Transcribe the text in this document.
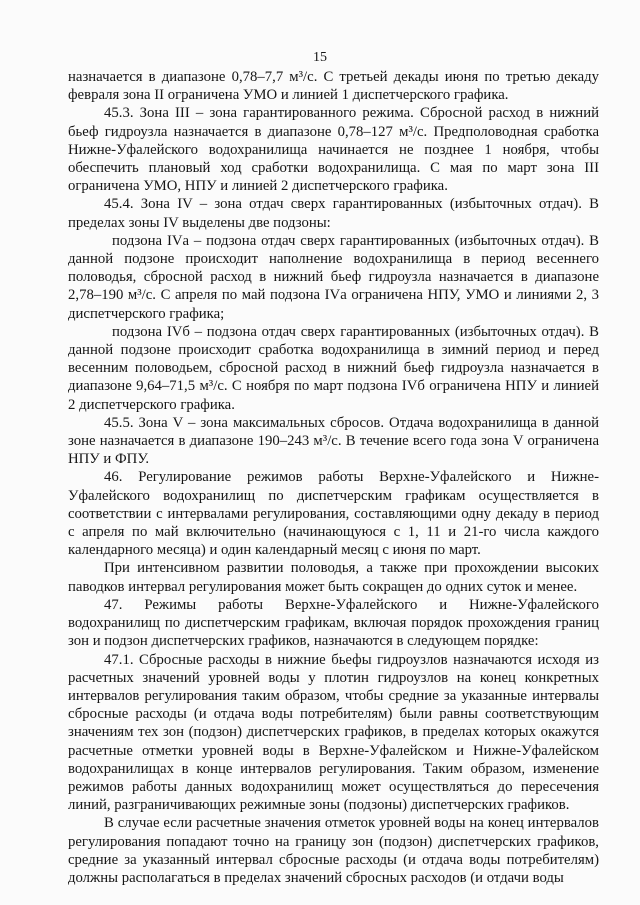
15

назначается в диапазоне 0,78–7,7 м³/с. С третьей декады июня по третью декаду февраля зона II ограничена УМО и линией 1 диспетчерского графика.

45.3. Зона III – зона гарантированного режима. Сбросной расход в нижний бьеф гидроузла назначается в диапазоне 0,78–127 м³/с. Предполоводная сработка Нижне-Уфалейского водохранилища начинается не позднее 1 ноября, чтобы обеспечить плановый ход сработки водохранилища. С мая по март зона III ограничена УМО, НПУ и линией 2 диспетчерского графика.

45.4. Зона IV – зона отдач сверх гарантированных (избыточных отдач). В пределах зоны IV выделены две подзоны:

подзона IVа – подзона отдач сверх гарантированных (избыточных отдач). В данной подзоне происходит наполнение водохранилища в период весеннего половодья, сбросной расход в нижний бьеф гидроузла назначается в диапазоне 2,78–190 м³/с. С апреля по май подзона IVа ограничена НПУ, УМО и линиями 2, 3 диспетчерского графика;

подзона IVб – подзона отдач сверх гарантированных (избыточных отдач). В данной подзоне происходит сработка водохранилища в зимний период и перед весенним половодьем, сбросной расход в нижний бьеф гидроузла назначается в диапазоне 9,64–71,5 м³/с. С ноября по март подзона IVб ограничена НПУ и линией 2 диспетчерского графика.

45.5. Зона V – зона максимальных сбросов. Отдача водохранилища в данной зоне назначается в диапазоне 190–243 м³/с. В течение всего года зона V ограничена НПУ и ФПУ.

46. Регулирование режимов работы Верхне-Уфалейского и Нижне-Уфалейского водохранилищ по диспетчерским графикам осуществляется в соответствии с интервалами регулирования, составляющими одну декаду в период с апреля по май включительно (начинающуюся с 1, 11 и 21-го числа каждого календарного месяца) и один календарный месяц с июня по март.

При интенсивном развитии половодья, а также при прохождении высоких паводков интервал регулирования может быть сокращен до одних суток и менее.

47. Режимы работы Верхне-Уфалейского и Нижне-Уфалейского водохранилищ по диспетчерским графикам, включая порядок прохождения границ зон и подзон диспетчерских графиков, назначаются в следующем порядке:

47.1. Сбросные расходы в нижние бьефы гидроузлов назначаются исходя из расчетных значений уровней воды у плотин гидроузлов на конец конкретных интервалов регулирования таким образом, чтобы средние за указанные интервалы сбросные расходы (и отдача воды потребителям) были равны соответствующим значениям тех зон (подзон) диспетчерских графиков, в пределах которых окажутся расчетные отметки уровней воды в Верхне-Уфалейском и Нижне-Уфалейском водохранилищах в конце интервалов регулирования. Таким образом, изменение режимов работы данных водохранилищ может осуществляться до пересечения линий, разграничивающих режимные зоны (подзоны) диспетчерских графиков.

В случае если расчетные значения отметок уровней воды на конец интервалов регулирования попадают точно на границу зон (подзон) диспетчерских графиков, средние за указанный интервал сбросные расходы (и отдача воды потребителям) должны располагаться в пределах значений сбросных расходов (и отдачи воды
